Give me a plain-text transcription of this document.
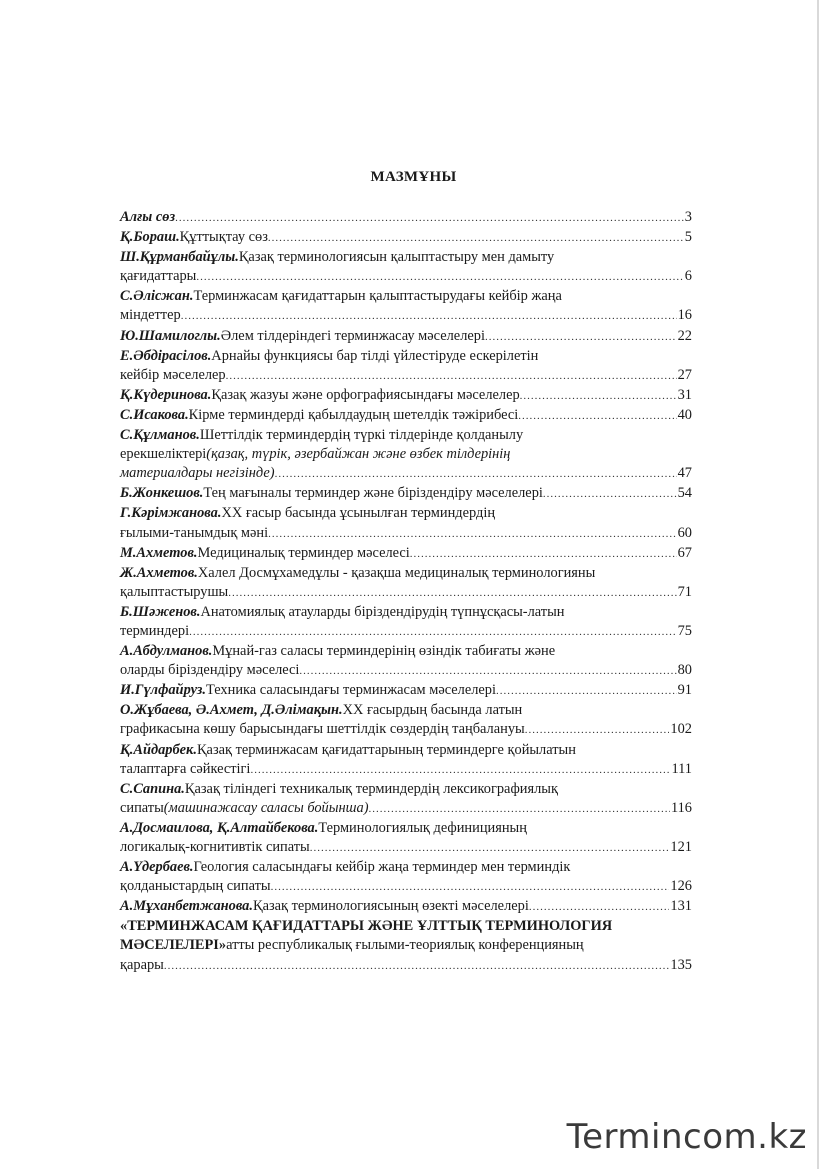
МАЗМҰНЫ
Алғы сөз .....	3
Қ.Бораш. Құттықтау сөз .....	5
Ш.Құрманбайұлы. Қазақ терминологиясын қалыптастыру мен дамыту
қағидаттары .....	6
С.Әлісжан. Терминжасам қағидаттарын қалыптастырудағы кейбір жаңа
міндеттер .....	16
Ю.Шамилоглы. Әлем тілдеріндегі терминжасау мәселелері .....	22
Е.Әбдірасілов. Арнайы функциясы бар тілді үйлестіруде ескерілетін
кейбір мәселелер .....	27
Қ.Күдеринова. Қазақ жазуы және орфографиясындағы мәселелер .....	31
С.Исакова. Кірме терминдерді қабылдаудың шетелдік тәжірибесі .....	40
С.Құлманов. Шеттілдік терминдердің түркі тілдерінде қолданылу
ерекшеліктері (қазақ, түрік, әзербайжан және өзбек тілдерінің
материалдары негізінде) .....	47
Б.Жонкешов. Тең мағыналы терминдер және біріздендіру мәселелері .....	54
Г.Кәрімжанова. ХХ ғасыр басында ұсынылған терминдердің
ғылыми-танымдық мәні .....	60
М.Ахметов. Медициналық терминдер мәселесі .....	67
Ж.Ахметов. Халел Досмұхамедұлы - қазақша медициналық терминологияны
қалыптастырушы .....	71
Б.Шәженов. Анатомиялық атауларды біріздендірудің түпнұсқасы-латын
терминдері .....	75
А.Абдулманов. Мұнай-газ саласы терминдерінің өзіндік табиғаты және
оларды біріздендіру мәселесі .....	80
И.Гүлфайруз. Техника саласындағы терминжасам мәселелері .....	91
О.Жұбаева, Ә.Ахмет, Д.Әлімақын. ХХ ғасырдың басында латын
графикасына көшу барысындағы шеттілдік сөздердің таңбалануы .....	102
Қ.Айдарбек. Қазақ терминжасам қағидаттарының терминдерге қойылатын
талаптарға сәйкестігі .....	111
С.Сапина. Қазақ тіліндегі техникалық терминдердің лексикографиялық
сипаты (машинажасау саласы бойынша) .....	116
А.Досмаилова, Қ.Алтайбекова. Терминологиялық дефиницияның
логикалық-когнитивтік сипаты .....	121
А.Үдербаев. Геология саласындағы кейбір жаңа терминдер мен терминдік
қолданыстардың сипаты .....	126
А.Мұханбетжанова. Қазақ терминологиясының өзекті мәселелері .....	131
«ТЕРМИНЖАСАМ ҚАҒИДАТТАРЫ ЖӘНЕ ҰЛТТЫҚ ТЕРМИНОЛОГИЯ
МӘСЕЛЕЛЕРІ» атты республикалық ғылыми-теориялық конференцияның
қарары .....	135
Termincom.kz
